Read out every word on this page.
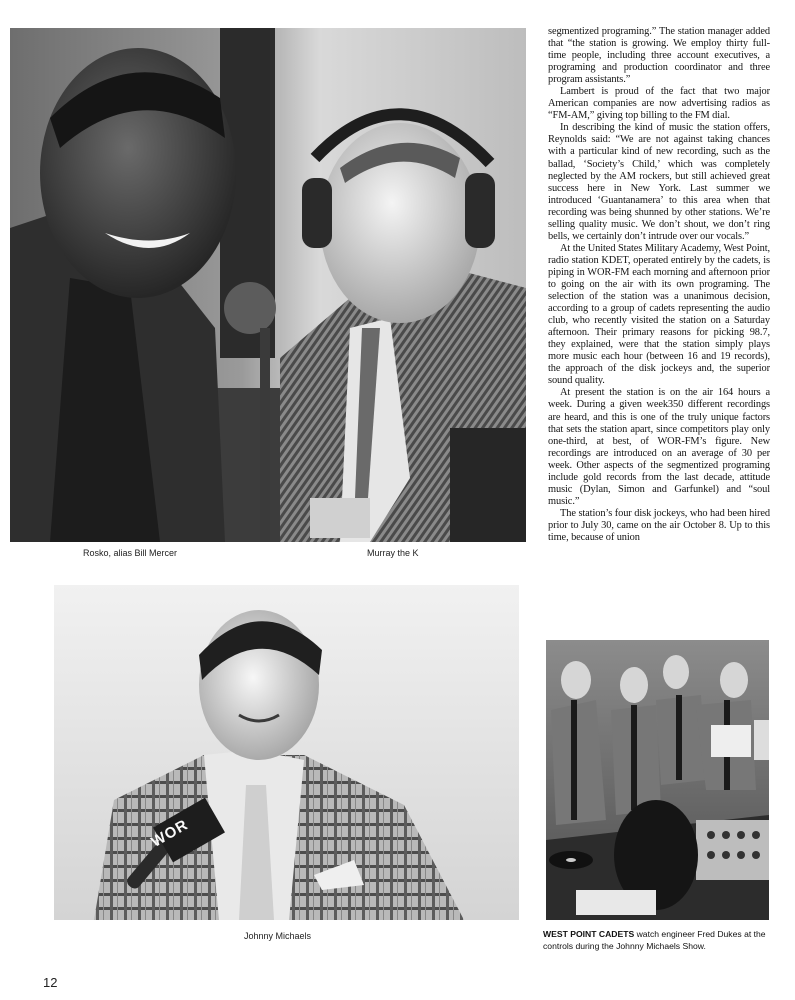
Rosko, alias Bill Mercer	Murray the K
WOR
Johnny Michaels	WEST POINT CADETS watch engineer Fred Dukes at the controls during the Johnny Michaels Show.

segmentized programing.” The station manager added that “the station is growing. We employ thirty full-time people, including three account executives, a programing and production coordinator and three program assistants.”

Lambert is proud of the fact that two major American companies are now advertising radios as “FM-AM,” giving top billing to the FM dial.

In describing the kind of music the station offers, Reynolds said: “We are not against taking chances with a particular kind of new recording, such as the ballad, ‘Society’s Child,’ which was completely neglected by the AM rockers, but still achieved great success here in New York. Last summer we introduced ‘Guantanamera’ to this area when that recording was being shunned by other stations. We’re selling quality music. We don’t shout, we don’t ring bells, we certainly don’t intrude over our vocals.”

At the United States Military Academy, West Point, radio station KDET, operated entirely by the cadets, is piping in WOR-FM each morning and afternoon prior to going on the air with its own programing. The selection of the station was a unanimous decision, according to a group of cadets representing the audio club, who recently visited the station on a Saturday afternoon. Their primary reasons for picking 98.7, they explained, were that the station simply plays more music each hour (between 16 and 19 records), the approach of the disk jockeys and, the superior sound quality.

At present the station is on the air 164 hours a week. During a given week350 different recordings are heard, and this is one of the truly unique factors that sets the station apart, since competitors play only one-third, at best, of WOR-FM’s figure. New recordings are introduced on an average of 30 per week. Other aspects of the segmentized programing include gold records from the last decade, attitude music (Dylan, Simon and Garfunkel) and “soul music.”

The station’s four disk jockeys, who had been hired prior to July 30, came on the air October 8. Up to this time, because of union

12
